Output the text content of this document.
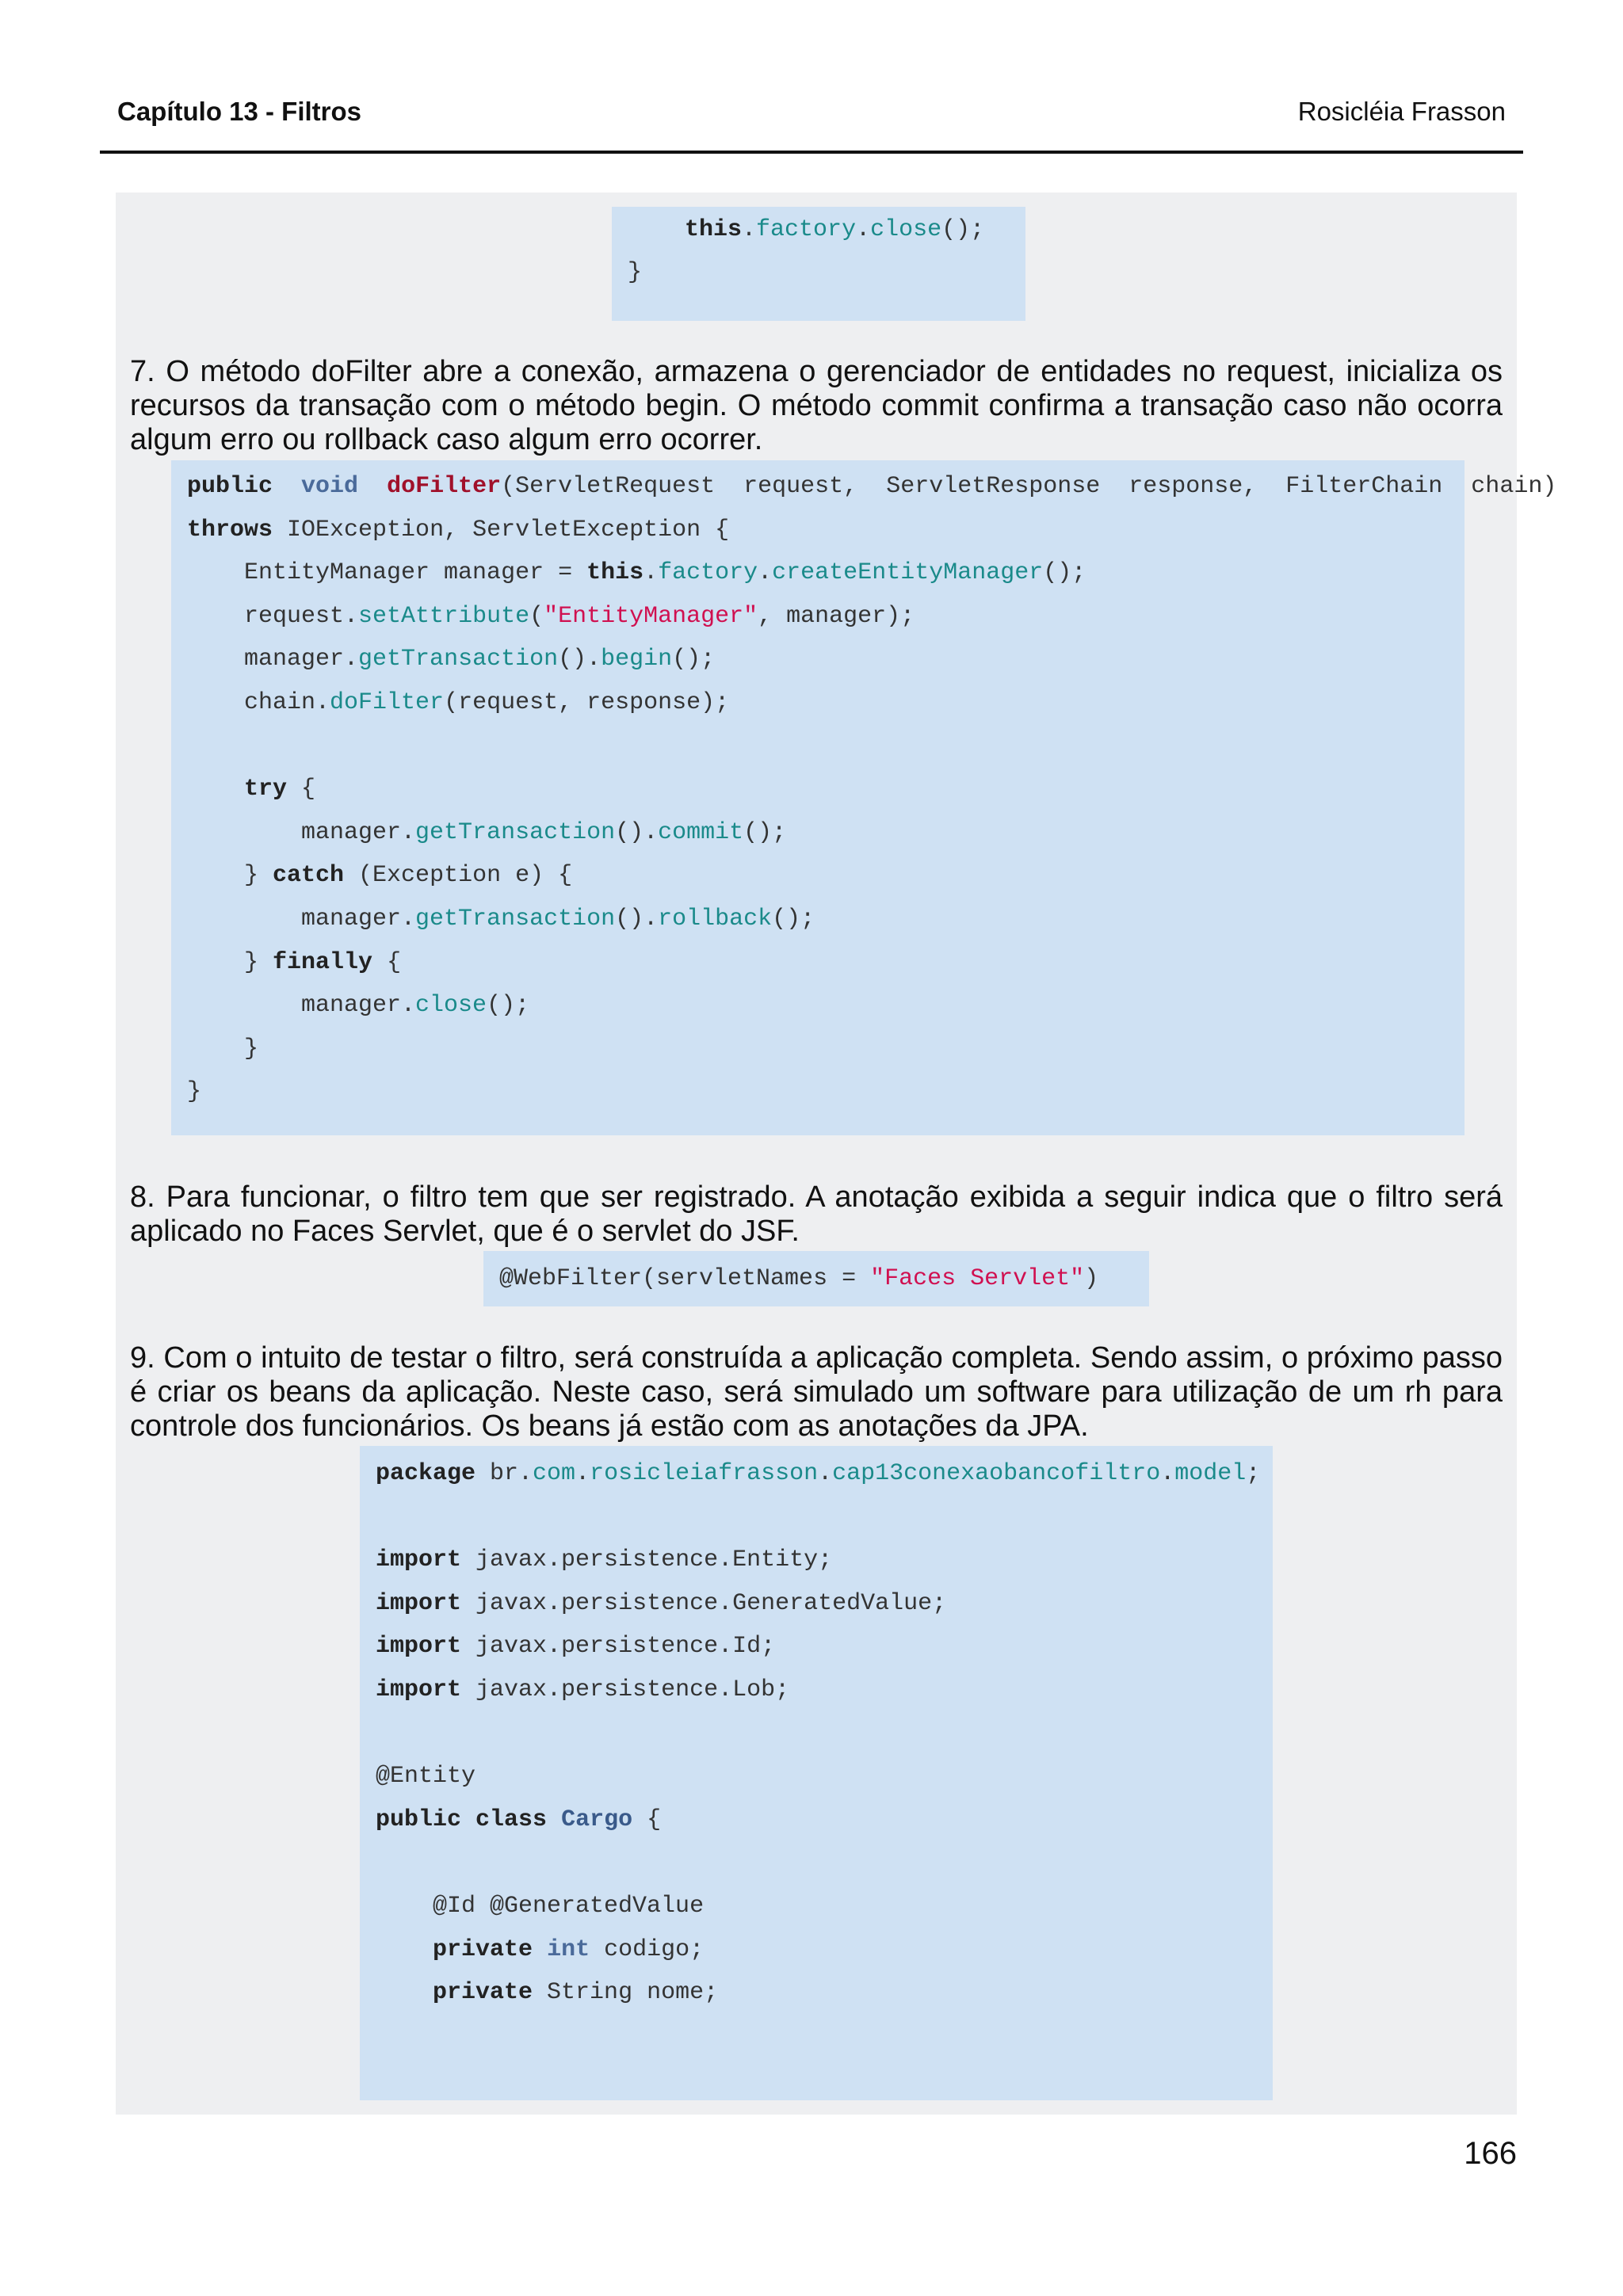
Capítulo 13 - Filtros	Rosicléia Frasson
this.factory.close();
}
7. O método doFilter abre a conexão, armazena o gerenciador de entidades no request, inicializa os recursos da transação com o método begin. O método commit confirma a transação caso não ocorra algum erro ou rollback caso algum erro ocorrer.
public void doFilter(ServletRequest  request,  ServletResponse  response,  FilterChain  chain)
throws IOException, ServletException {
EntityManager manager = this.factory.createEntityManager();
request.setAttribute("EntityManager", manager);
manager.getTransaction().begin();
chain.doFilter(request, response);
try {
manager.getTransaction().commit();
} catch (Exception e) {
manager.getTransaction().rollback();
} finally {
manager.close();
}
}
8. Para funcionar, o filtro tem que ser registrado. A anotação exibida a seguir indica que o filtro será aplicado no Faces Servlet, que é o servlet do JSF.
@WebFilter(servletNames = "Faces Servlet")
9. Com o intuito de testar o filtro, será construída a aplicação completa. Sendo assim, o próximo passo é criar os beans da aplicação. Neste caso, será simulado um software para utilização de um rh para controle dos funcionários. Os beans já estão com as anotações da JPA.
package br.com.rosicleiafrasson.cap13conexaobancofiltro.model;
import javax.persistence.Entity;
import javax.persistence.GeneratedValue;
import javax.persistence.Id;
import javax.persistence.Lob;
@Entity
public class Cargo {
@Id @GeneratedValue
private int codigo;
private String nome;
166
